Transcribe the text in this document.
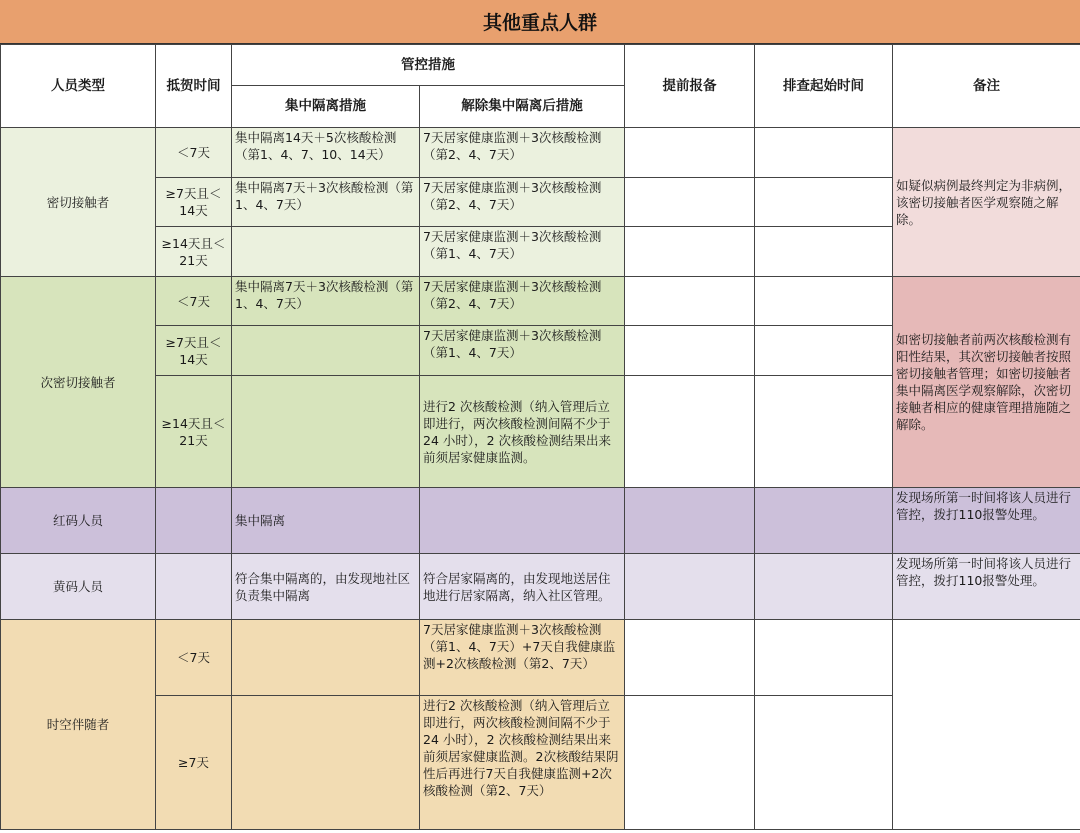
其他重点人群
人员类型	抵贺时间	管控措施		提前报备	排查起始时间	备注
		集中隔离措施	解除集中隔离后措施			
密切接触者	＜7天	集中隔离14天＋5次核酸检测（第1、4、7、10、14天）	7天居家健康监测＋3次核酸检测（第2、4、7天）			如疑似病例最终判定为非病例，该密切接触者医学观察随之解除。
	≥7天且＜14天	集中隔离7天＋3次核酸检测（第1、4、7天）	7天居家健康监测＋3次核酸检测（第2、4、7天）			
	≥14天且＜21天		7天居家健康监测＋3次核酸检测（第1、4、7天）			
次密切接触者	＜7天	集中隔离7天＋3次核酸检测（第1、4、7天）	7天居家健康监测＋3次核酸检测（第2、4、7天）			如密切接触者前两次核酸检测有阳性结果，其次密切接触者按照密切接触者管理；如密切接触者集中隔离医学观察解除，次密切接触者相应的健康管理措施随之解除。
	≥7天且＜14天		7天居家健康监测＋3次核酸检测（第1、4、7天）			
	≥14天且＜21天		进行2 次核酸检测（纳入管理后立即进行，两次核酸检测间隔不少于 24 小时），2 次核酸检测结果出来前须居家健康监测。			
红码人员		集中隔离				发现场所第一时间将该人员进行管控，拨打110报警处理。
黄码人员		符合集中隔离的，由发现地社区负责集中隔离	符合居家隔离的，由发现地送居住地进行居家隔离，纳入社区管理。			发现场所第一时间将该人员进行管控，拨打110报警处理。
时空伴随者	＜7天		7天居家健康监测＋3次核酸检测（第1、4、7天）+7天自我健康监测+2次核酸检测（第2、7天）			
	≥7天		进行2 次核酸检测（纳入管理后立即进行，两次核酸检测间隔不少于 24 小时），2 次核酸检测结果出来前须居家健康监测。2次核酸结果阴性后再进行7天自我健康监测+2次核酸检测（第2、7天）			
